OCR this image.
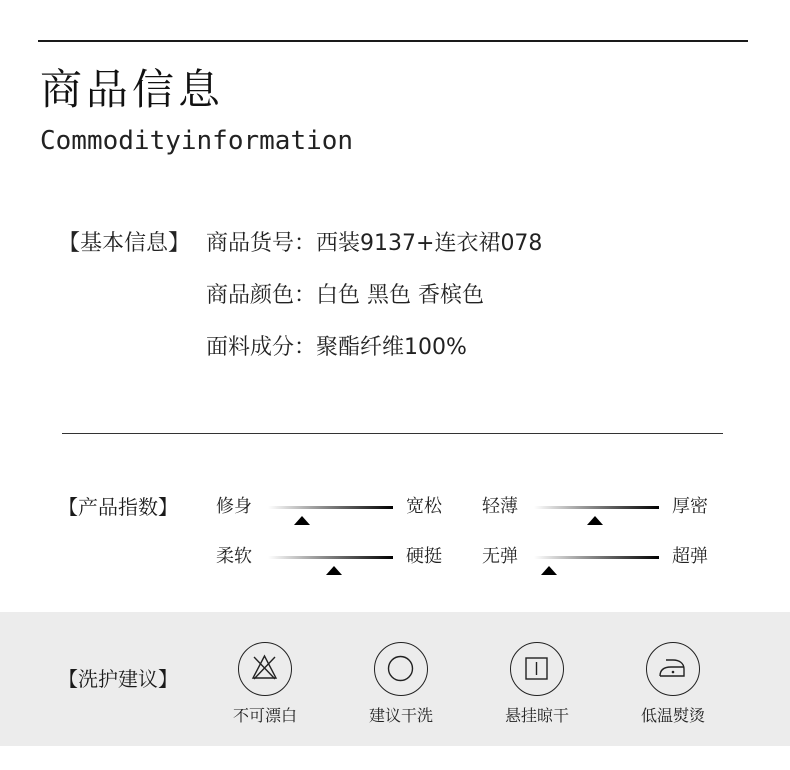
商品信息
Commodityinformation
【基本信息】 商品货号：西装9137+连衣裙078
商品颜色：白色 黑色 香槟色
面料成分：聚酯纤维100%
【产品指数】 修身	宽松 轻薄	厚密
柔软	硬挺 无弹	超弹
【洗护建议】
不可漂白	建议干洗	悬挂晾干	低温熨烫
